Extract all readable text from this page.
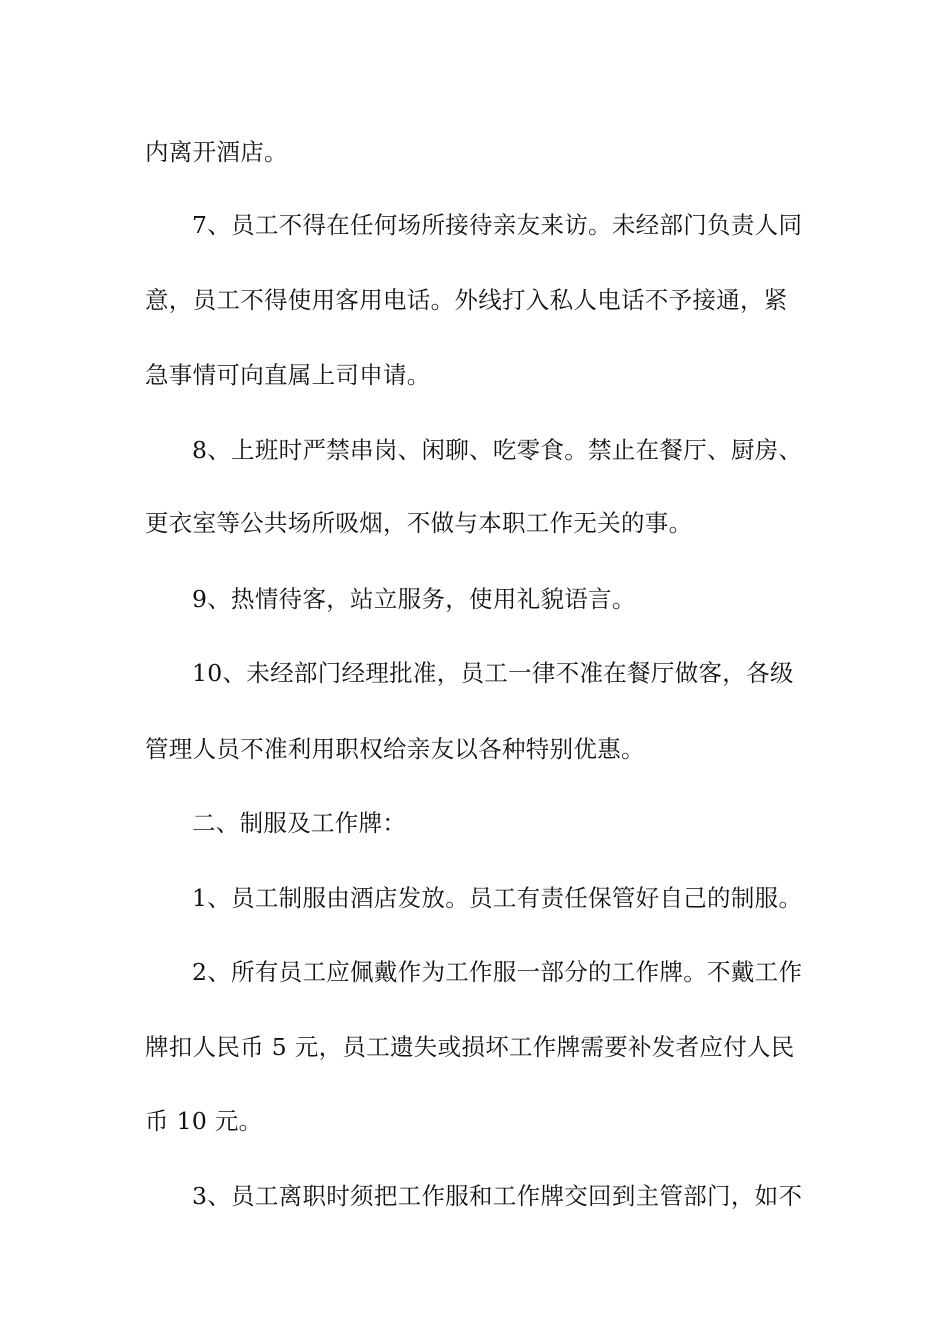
内离开酒店。
7、员工不得在任何场所接待亲友来访。未经部门负责人同
意，员工不得使用客用电话。外线打入私人电话不予接通，紧
急事情可向直属上司申请。
8、上班时严禁串岗、闲聊、吃零食。禁止在餐厅、厨房、
更衣室等公共场所吸烟，不做与本职工作无关的事。
9、热情待客，站立服务，使用礼貌语言。
10、未经部门经理批准，员工一律不准在餐厅做客，各级
管理人员不准利用职权给亲友以各种特别优惠。
二、制服及工作牌：
1、员工制服由酒店发放。员工有责任保管好自己的制服。
2、所有员工应佩戴作为工作服一部分的工作牌。不戴工作
牌扣人民币 5 元，员工遗失或损坏工作牌需要补发者应付人民
币 10 元。
3、员工离职时须把工作服和工作牌交回到主管部门，如不
